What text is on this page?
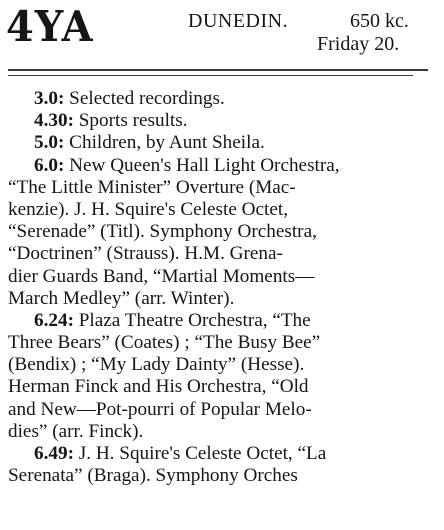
4YA	DUNEDIN.	650 kc.
Friday 20.
3.0: Selected recordings.
4.30: Sports results.
5.0: Children, by Aunt Sheila.
6.0: New Queen's Hall Light Orchestra,
“The Little Minister” Overture (Mac-
kenzie). J. H. Squire's Celeste Octet,
“Serenade” (Titl). Symphony Orchestra,
“Doctrinen” (Strauss). H.M. Grena-
dier Guards Band, “Martial Moments—
March Medley” (arr. Winter).
6.24: Plaza Theatre Orchestra, “The
Three Bears” (Coates) ; “The Busy Bee”
(Bendix) ; “My Lady Dainty” (Hesse).
Herman Finck and His Orchestra, “Old
and New—Pot-pourri of Popular Melo-
dies” (arr. Finck).
6.49: J. H. Squire's Celeste Octet, “La
Serenata” (Braga). Symphony Orches
